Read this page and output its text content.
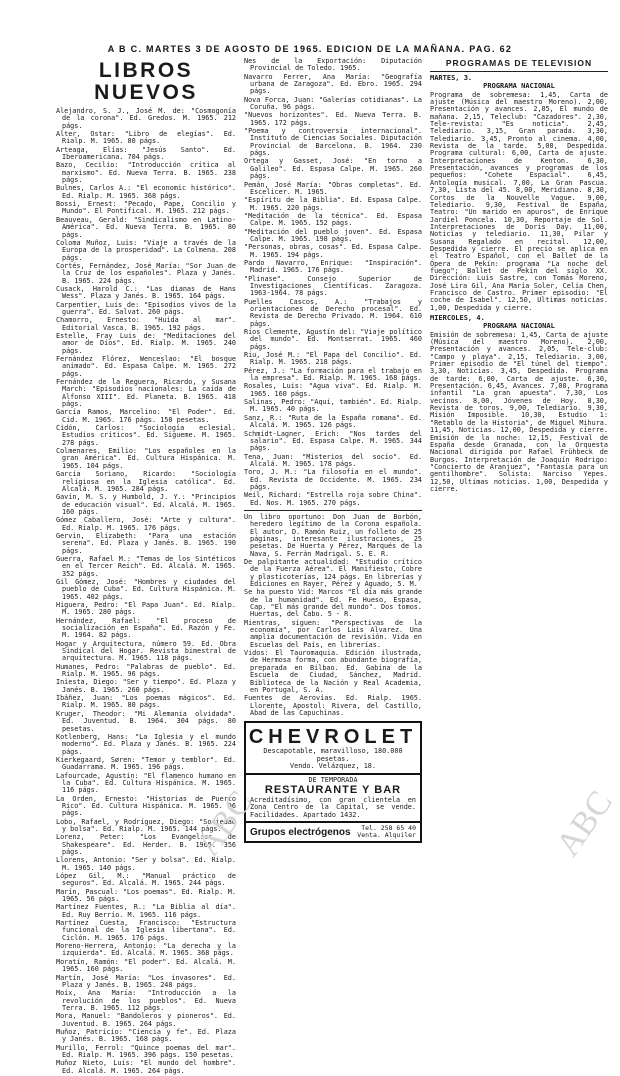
A B C. MARTES 3 DE AGOSTO DE 1965. EDICION DE LA MAÑANA. PAG. 62
LIBROS NUEVOS
Alejandro, S. J., José M. de: "Cosmogonía de la corona". Ed. Gredos. M. 1965. 212 págs.
Alter, Ostar: "Libro de elegías". Ed. Rialp. M. 1965. 80 págs.
Arteaga, Elías: "Jesús Santo". Ed. Iberoamericana. 704 págs.
Bazo, Cecilio: "Introducción crítica al marxismo". Ed. Nueva Terra. B. 1965. 238 págs.
Bulnes, Carlos A.: "El economic histórico". Ed. Rialp. M. 1965. 368 págs.
Bossi, Ernest: "Pecado, Pape, Concilio y Mundo". El Pontifical. M. 1965. 212 págs.
Beauveau, Gerald: "Sindicalismo en Latino-América". Ed. Nueva Terra. B. 1965. 80 págs.
Coloma Muñoz, Luis: "Viaje a través de la Europa de la prosperidad". La Colmena. 208 págs.
Cortés, Fernández, José María: "Sor Juan de la Cruz de los españoles". Plaza y Janés. B. 1965. 224 págs.
Cusack, Harold C.: "Las dianas de Hans Wess". Plaza y Janés. B. 1965. 164 págs.
Carpentier, Luis de: "Episodios vivos de la guerra". Ed. Salvat. 260 págs.
Chamorro, Ernesto: "Huida al mar". Editorial Vasca. B. 1965. 192 págs.
Estelle, Fray Luis de: "Meditaciones del amor de Dios". Ed. Rialp. M. 1965. 240 págs.
Fernández Flórez, Wenceslao: "El bosque animado". Ed. Espasa Calpe. M. 1965. 272 págs.
Fernández de la Reguera, Ricardo, y Susana March: "Episodios nacionales: La caída de Alfonso XIII". Ed. Planeta. B. 1965. 418 págs.
García Ramos, Marcelino: "El Poder". Ed. Cid. M. 1965. 176 págs. 150 pesetas.
Cidón, Carlos: "Sociología eclesial. Estudios críticos". Ed. Sígueme. M. 1965. 278 págs.
Colmenares, Emilio: "Los españoles en la gran América". Ed. Cultura Hispánica. M. 1965. 104 págs.
García Soriano, Ricardo: "Sociología religiosa en la Iglesia católica". Ed. Alcalá. M. 1965. 284 págs.
Gavín, M. S. y Humbold, J. Y.: "Principios de educación visual". Ed. Alcalá. M. 1965. 160 págs.
Gómez Caballero, José: "Arte y cultura". Ed. Rialp. M. 1965. 176 págs.
Gervin, Elizabeth: "Para una estación serena". Ed. Plaza y Janés. B. 1965. 190 págs.
Guerra, Rafael M.: "Temas de los Sintéticos en el Tercer Reich". Ed. Alcalá. M. 1965. 352 págs.
Gil Gómez, José: "Hombres y ciudades del pueblo de Cuba". Ed. Cultura Hispánica. M. 1965. 402 págs.
Higuera, Pedro: "El Papa Juan". Ed. Rialp. M. 1965. 280 págs.
Hernández, Rafael: "El proceso de socialización en España". Ed. Razón y Fe. M. 1964. 82 págs.
Hogar y Arquitectura, número 59. Ed. Obra Sindical del Hogar. Revista bimestral de arquitectura. M. 1965. 118 págs.
Humanes, Pedro: "Palabras de pueblo". Ed. Rialp. M. 1965. 96 págs.
Iniesta, Diego: "Ser y tiempo". Ed. Plaza y Janés. B. 1965. 260 págs.
Ibáñez, Juan: "Los poemas mágicos". Ed. Rialp. M. 1965. 80 págs.
Kruger, Theodor: "Mi Alemania olvidada". Ed. Juventud. B. 1964. 304 págs. 80 pesetas.
Kotlenberg, Hans: "La Iglesia y el mundo moderno". Ed. Plaza y Janés. B. 1965. 224 págs.
Kierkegaard, Søren: "Temor y temblor". Ed. Guadarrama. M. 1965. 196 págs.
Lafourcade, Agustín: "El flamenco humano en la Cuba". Ed. Cultura Hispánica. M. 1965. 116 págs.
La Orden, Ernesto: "Historias de Puerto Rico". Ed. Cultura Hispánica. M. 1965. 96 págs.
Lobo, Rafael, y Rodríguez, Diego: "Sociedad y bolsa". Ed. Rialp. M. 1965. 144 págs.
Lorenz, Peter: "Los Evangelios de Shakespeare". Ed. Herder. B. 1965. 356 págs.
Llorens, Antonio: "Ser y bolsa". Ed. Rialp. M. 1965. 140 págs.
López Gil, M.: "Manual práctico de seguros". Ed. Alcalá. M. 1965. 244 págs.
Marín, Pascual: "Los poemas". Ed. Rialp. M. 1965. 56 págs.
Martínez Fuentes, R.: "La Biblia al día". Ed. Ruy Berrío. M. 1965. 116 págs.
Martínez Cuesta, Francisco: "Estructura funcional de la Iglesia libertana". Ed. Ciclón. M. 1965. 176 págs.
Moreno-Herrera, Antonio: "La derecha y la izquierda". Ed. Alcalá. M. 1965. 368 págs.
Moratín, Ramón: "El poder". Ed. Alcalá. M. 1965. 160 págs.
Martín, José María: "Los invasores". Ed. Plaza y Janés. B. 1965. 248 págs.
Moix, Ana María: "Introducción a la revolución de los pueblos". Ed. Nueva Terra. B. 1965. 112 págs.
Mora, Manuel: "Bandoleros y pioneros". Ed. Juventud. B. 1965. 264 págs.
Muñoz, Patricio: "Ciencia y fe". Ed. Plaza y Janés. B. 1965. 168 págs.
Murillo, Ferrol: "Quince poemas del mar". Ed. Rialp. M. 1965. 396 págs. 150 pesetas.
Muñoz Nieto, Luis: "El mundo del hombre". Ed. Alcalá. M. 1965. 264 págs.
Nes de la Exportación: Diputación Provincial de Toledo. 1965.
Navarro Ferrer, Ana María: "Geografía urbana de Zaragoza". Ed. Ebro. 1965. 294 págs.
Nova Forca, Juan: "Galerías cotidianas". La Coruña. 96 págs.
"Nuevos horizontes". Ed. Nueva Terra. B. 1965. 172 págs.
"Poema y controversia internacional". Instituto de Ciencias Sociales. Diputación Provincial de Barcelona. B. 1964. 230 págs.
Ortega y Gasset, José: "En torno a Galileo". Ed. Espasa Calpe. M. 1965. 260 págs.
Pemán, José María: "Obras completas". Ed. Escelicer. M. 1965.
"Espíritu de la Biblia". Ed. Espasa Calpe. M. 1965. 220 págs.
"Meditación de la técnica". Ed. Espasa Calpe. M. 1965. 152 págs.
"Meditación del pueblo joven". Ed. Espasa Calpe. M. 1965. 198 págs.
"Personas, obras, cosas". Ed. Espasa Calpe. M. 1965. 194 págs.
Pardo Navarro, Enrique: "Inspiración". Madrid. 1965. 176 págs.
"Plinase". Consejo Superior de Investigaciones Científicas. Zaragoza. 1963-1964. 78 págs.
Puelles Cascos, A.: "Trabajos y orientaciones de Derecho procesal". Ed. Revista de Derecho Privado. M. 1964. 610 págs.
Rios Clemente, Agustín del: "Viaje político del mundo". Ed. Montserrat. 1965. 460 págs.
Riu, José M.: "El Papa del Concilio". Ed. Rialp. M. 1965. 218 págs.
Pérez, J.: "La formación para el trabajo en la empresa". Ed. Rialp. M. 1965. 168 págs.
Rosales, Luis: "Agua viva". Ed. Rialp. M. 1965. 160 págs.
Salinas, Pedro: "Aquí, también". Ed. Rialp. M. 1965. 40 págs.
Sanz, R.: "Ruta de la España romana". Ed. Alcalá. M. 1965. 126 págs.
Schmidt-Lagner, Erich: "Nos tardes del salario". Ed. Espasa Calpe. M. 1965. 344 págs.
Tena, Juan: "Misterios del socio". Ed. Alcalá. M. 1965. 178 págs.
Toro, J. M.: "La filosofía en el mundo". Ed. Revista de Occidente. M. 1965. 234 págs.
Weil, Richard: "Estrella roja sobre China". Ed. Nos. M. 1965. 270 págs.
Un libro oportuno: Don Juan de Borbón, heredero legítimo de la Corona española. El autor, D. Ramón Ruiz, un folleto de 25 páginas, interesante ilustraciones, 25 pesetas. De Huerta y Pérez, Marqués de la Nava, S. Ferrán Madrigal. S. E. R.
De palpitante actualidad: "Estudio crítico de la Fuerza Aérea". El Manifiesto, Cobre y plasticoterías, 124 págs. En librerías y Ediciones en Rayer, Pérez y Aguado, 5. M.
Se ha puesto Vid: Marcos "El día más grande de la humanidad". Ed. Fe Hueso, Espasa, Cap. "El más grande del mundo". Dos tomos. Huertas, del Cabo. 5 - R.
Mientras, siguen: "Perspectivas de la economía", por Carlos Luis Alvarez. Una amplia documentación de revisión. Vida en Escuelas del País, en librerías.
Vidos: El Tauromaquia. Edición ilustrada, de Hermosa forma, con abundante biografía, preparada en Bilbao. Ed. Gabina de la Escuela de Ciudad, Sánchez, Madrid. Biblioteca de la Nación y Real Academia, en Portugal, S. A.
Fuentes de Aerovías. Ed. Rialp. 1965. Llorente, Apostol: Rivera, del Castillo, Abad de las Capuchinas.
CHEVROLET
Descapotable, maravilloso, 180.000 pesetas.
Vendo. Velázquez, 18.
DE TEMPORADA
RESTAURANTE Y BAR
Acreditadísimo, con gran clientela en Zona Centro de la Capital, se vende. Facilidades. Apartado 1432.
Grupos electrógenos	Tel. 258 65 40
Venta. Alquiler
PROGRAMAS DE TELEVISION
MARTES, 3.
PROGRAMA NACIONAL
Programa de sobremesa: 1,45, Carta de ajuste (Música del maestro Moreno). 2,00, Presentación y avances. 2,05, El mundo de mañana. 2,15, Teleclub: "Cazadores". 2,30, Tele-revista: "Es noticia". 2,45, Telediario. 3,15, Gran parada. 3,30, Telediario. 3,45, Pronto al cinema. 4,00, Revista de la tarde. 5,00, Despedida. Programa cultural: 6,00, Carta de ajuste. Interpretaciones de Kenton. 6,30, Presentación, avances y programas de los pequeños: "Cohete Espacial". 6,45, Antología musical. 7,00, La Gran Pascua. 7,30, Lista del 45. 8,00, Meridiano. 8,30, Cortos de la Nouvelle Vague. 9,00, Telediario. 9,30, Festival de España, Teatro: "Un marido en apuros", de Enrique Jardiel Poncela. 10,30, Reportaje de Sol. Interpretaciones de Doris Day. 11,00, Noticias y telediario. 11,30, Pilar y Susana Regalado en recital. 12,00, Despedida y cierre. El precio se aplica en el Teatro Español, con el Ballet de la Ópera de Pekín: programa "La noche del fuego"; Ballet de Pekín del siglo XX. Dirección: Luis Sastre, con Tomás Moreno, José Lira Gil, Ana María Soler, Celia Chen, Francisco de Castro. Primer episodio: "El coche de Isabel". 12,50, Ultimas noticias. 1,00, Despedida y cierre.
MIERCOLES, 4.
PROGRAMA NACIONAL
Emisión de sobremesa: 1,45, Carta de ajuste (Música del maestro Moreno). 2,00, Presentación y avances. 2,05, Tele-club: "Campo y playa". 2,15, Telediario. 3,00, Primer episodio de "El túnel del tiempo". 3,30, Noticias. 3,45, Despedida. Programa de tarde: 6,00, Carta de ajuste. 6,30, Presentación. 6,45, Avances. 7,00, Programa infantil "La gran apuesta". 7,30, Los vecinos. 8,00, Jóvenes de Hoy. 8,30, Revista de toros. 9,00, Telediario. 9,30, Misión Imposible. 10,30, Estudio 1: "Retablo de la Historia", de Miguel Mihura. 11,45, Noticias. 12,00, Despedida y cierre. Emisión de la noche: 12,15, Festival de España desde Granada, con la Orquesta Nacional dirigida por Rafael Frühbeck de Burgos. Interpretación de Joaquín Rodrigo: "Concierto de Aranjuez", "Fantasía para un gentilhombre". Solista: Narciso Yepes. 12,50, Ultimas noticias. 1,00, Despedida y cierre.
ABC	ABC
